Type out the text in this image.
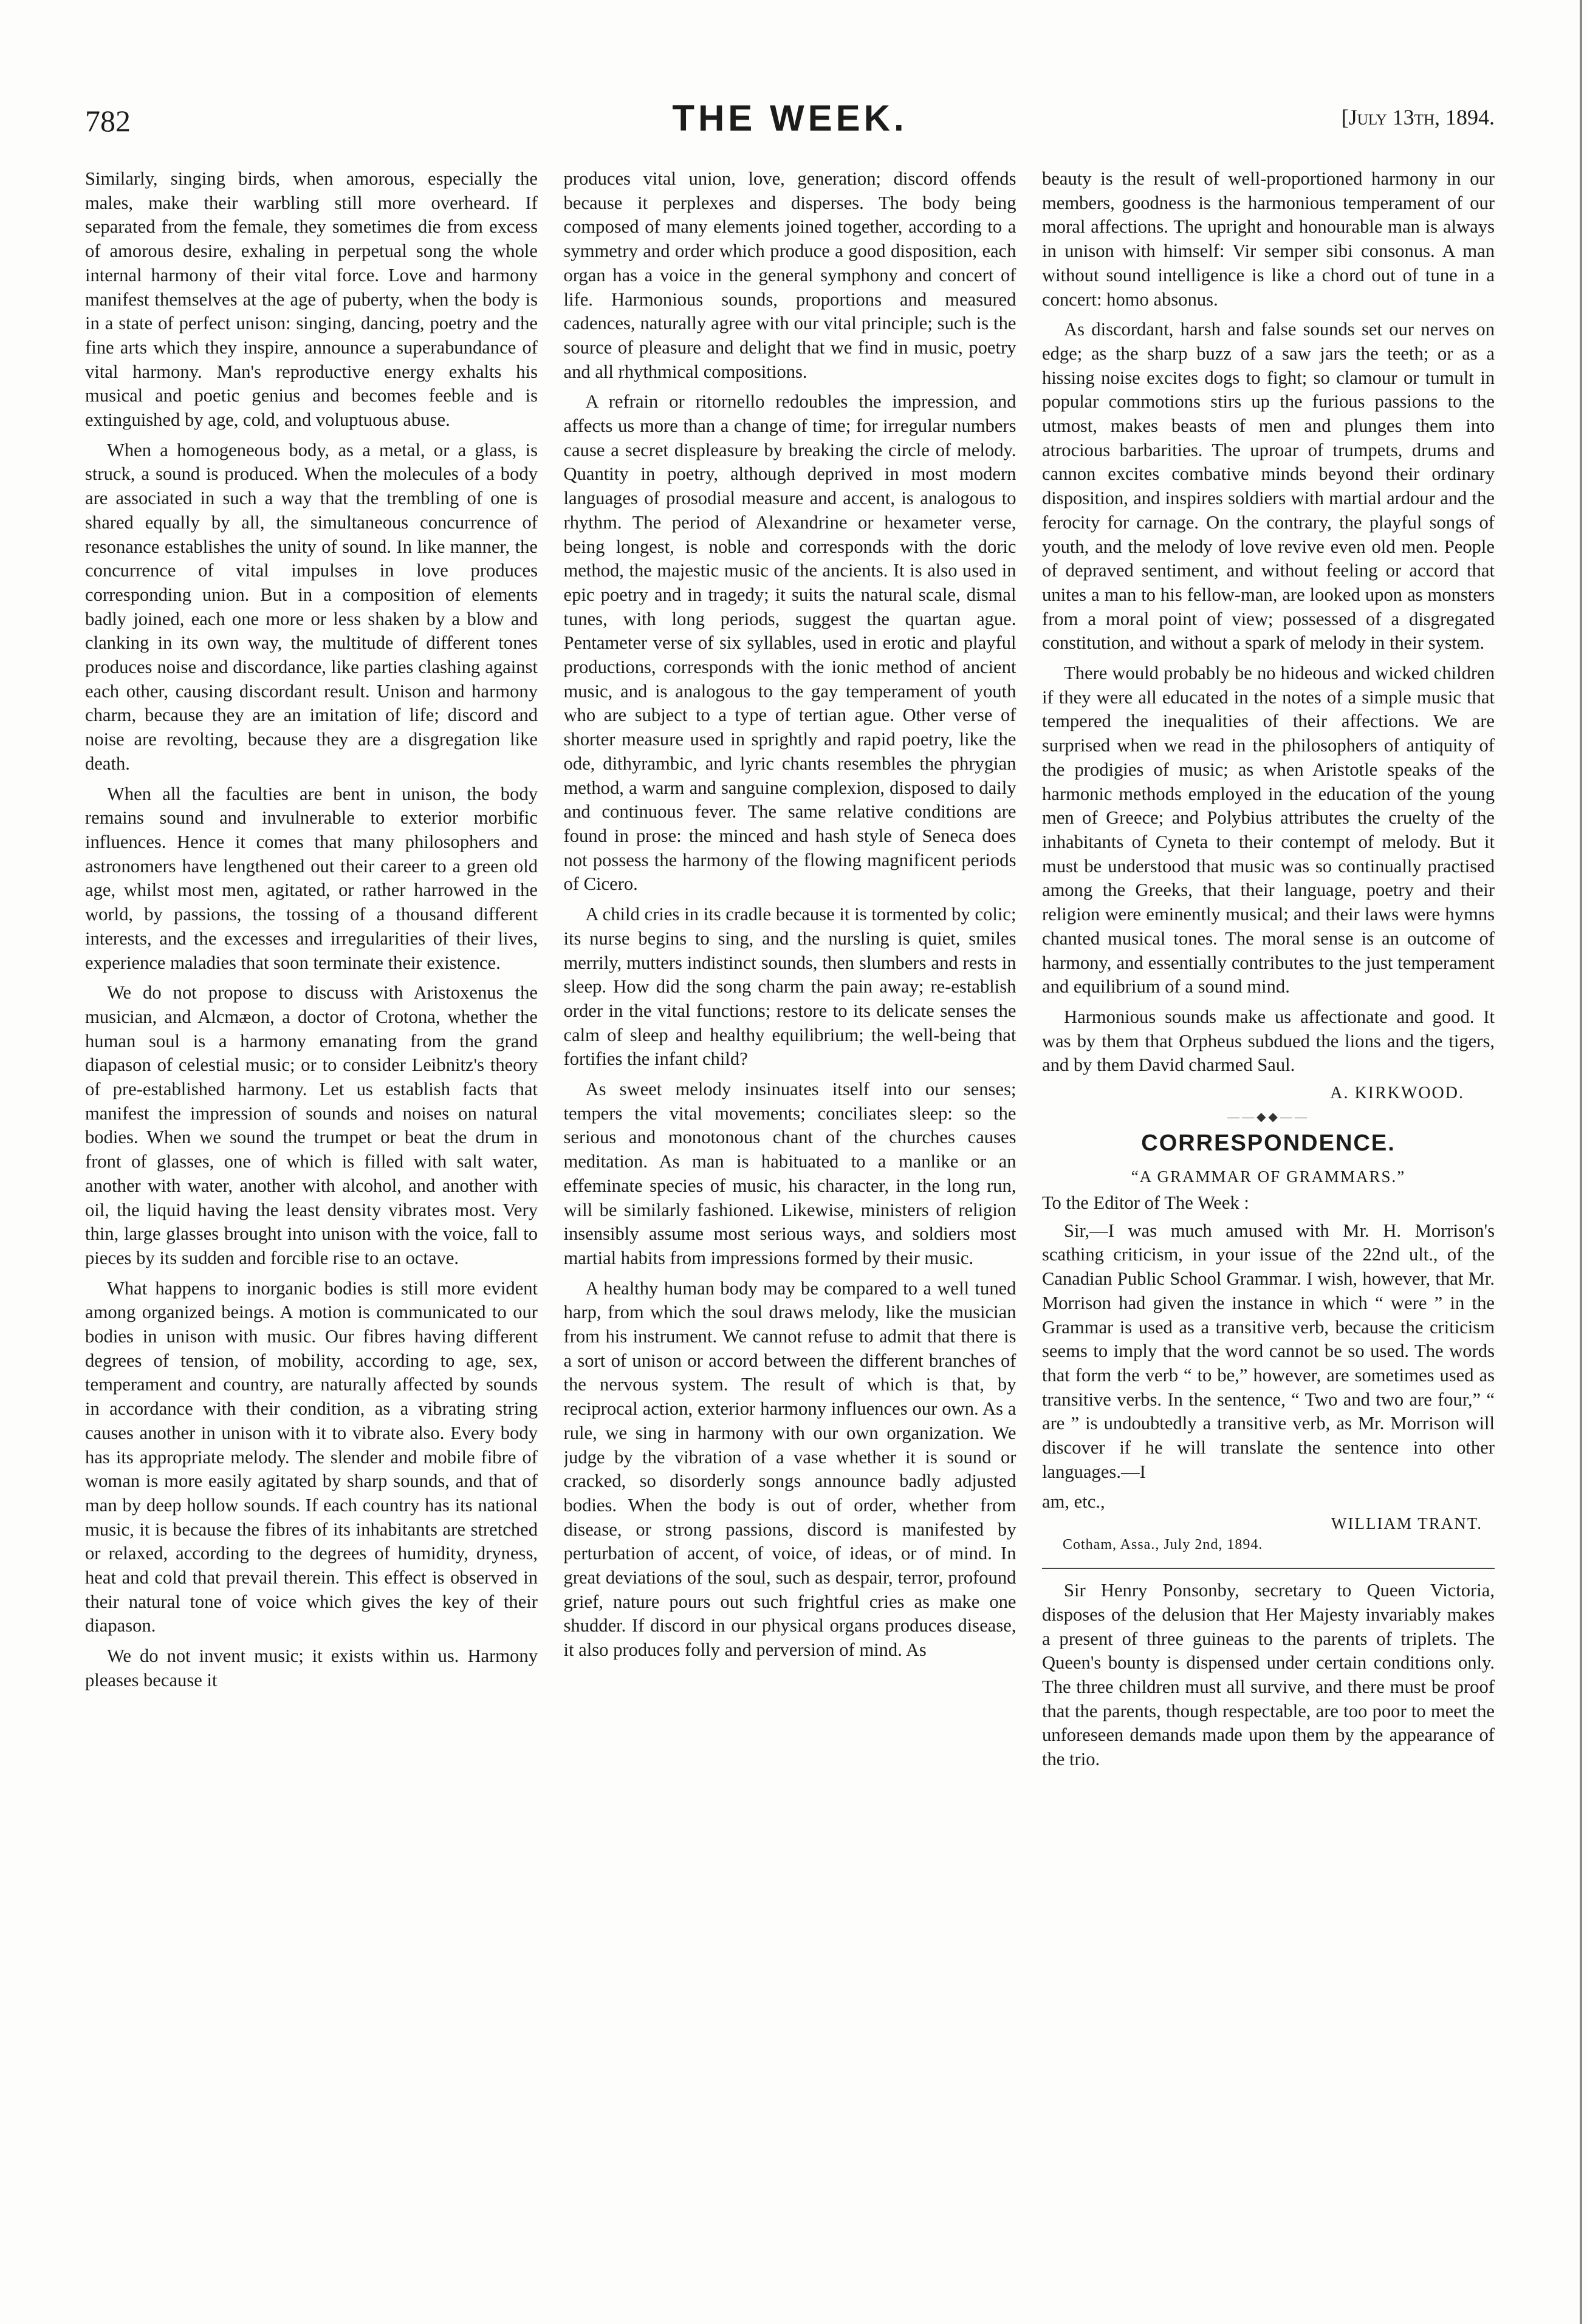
782	THE WEEK.	[July 13th, 1894.

Similarly, singing birds, when amorous, especially the males, make their warbling still more overheard. If separated from the female, they sometimes die from excess of amorous desire, exhaling in perpetual song the whole internal harmony of their vital force. Love and harmony manifest themselves at the age of puberty, when the body is in a state of perfect unison: singing, dancing, poetry and the fine arts which they inspire, announce a superabundance of vital harmony. Man's reproductive energy exhalts his musical and poetic genius and becomes feeble and is extinguished by age, cold, and voluptuous abuse.

When a homogeneous body, as a metal, or a glass, is struck, a sound is produced. When the molecules of a body are associated in such a way that the trembling of one is shared equally by all, the simultaneous concurrence of resonance establishes the unity of sound. In like manner, the concurrence of vital impulses in love produces corresponding union. But in a composition of elements badly joined, each one more or less shaken by a blow and clanking in its own way, the multitude of different tones produces noise and discordance, like parties clashing against each other, causing discordant result. Unison and harmony charm, because they are an imitation of life; discord and noise are revolting, because they are a disgregation like death.

When all the faculties are bent in unison, the body remains sound and invulnerable to exterior morbific influences. Hence it comes that many philosophers and astronomers have lengthened out their career to a green old age, whilst most men, agitated, or rather harrowed in the world, by passions, the tossing of a thousand different interests, and the excesses and irregularities of their lives, experience maladies that soon terminate their existence.

We do not propose to discuss with Aristoxenus the musician, and Alcmæon, a doctor of Crotona, whether the human soul is a harmony emanating from the grand diapason of celestial music; or to consider Leibnitz's theory of pre-established harmony. Let us establish facts that manifest the impression of sounds and noises on natural bodies. When we sound the trumpet or beat the drum in front of glasses, one of which is filled with salt water, another with water, another with alcohol, and another with oil, the liquid having the least density vibrates most. Very thin, large glasses brought into unison with the voice, fall to pieces by its sudden and forcible rise to an octave.

What happens to inorganic bodies is still more evident among organized beings. A motion is communicated to our bodies in unison with music. Our fibres having different degrees of tension, of mobility, according to age, sex, temperament and country, are naturally affected by sounds in accordance with their condition, as a vibrating string causes another in unison with it to vibrate also. Every body has its appropriate melody. The slender and mobile fibre of woman is more easily agitated by sharp sounds, and that of man by deep hollow sounds. If each country has its national music, it is because the fibres of its inhabitants are stretched or relaxed, according to the degrees of humidity, dryness, heat and cold that prevail therein. This effect is observed in their natural tone of voice which gives the key of their diapason.

We do not invent music; it exists within us. Harmony pleases because it

produces vital union, love, generation; discord offends because it perplexes and disperses. The body being composed of many elements joined together, according to a symmetry and order which produce a good disposition, each organ has a voice in the general symphony and concert of life. Harmonious sounds, proportions and measured cadences, naturally agree with our vital principle; such is the source of pleasure and delight that we find in music, poetry and all rhythmical compositions.

A refrain or ritornello redoubles the impression, and affects us more than a change of time; for irregular numbers cause a secret displeasure by breaking the circle of melody. Quantity in poetry, although deprived in most modern languages of prosodial measure and accent, is analogous to rhythm. The period of Alexandrine or hexameter verse, being longest, is noble and corresponds with the doric method, the majestic music of the ancients. It is also used in epic poetry and in tragedy; it suits the natural scale, dismal tunes, with long periods, suggest the quartan ague. Pentameter verse of six syllables, used in erotic and playful productions, corresponds with the ionic method of ancient music, and is analogous to the gay temperament of youth who are subject to a type of tertian ague. Other verse of shorter measure used in sprightly and rapid poetry, like the ode, dithyrambic, and lyric chants resembles the phrygian method, a warm and sanguine complexion, disposed to daily and continuous fever. The same relative conditions are found in prose: the minced and hash style of Seneca does not possess the harmony of the flowing magnificent periods of Cicero.

A child cries in its cradle because it is tormented by colic; its nurse begins to sing, and the nursling is quiet, smiles merrily, mutters indistinct sounds, then slumbers and rests in sleep. How did the song charm the pain away; re-establish order in the vital functions; restore to its delicate senses the calm of sleep and healthy equilibrium; the well-being that fortifies the infant child?

As sweet melody insinuates itself into our senses; tempers the vital movements; conciliates sleep: so the serious and monotonous chant of the churches causes meditation. As man is habituated to a manlike or an effeminate species of music, his character, in the long run, will be similarly fashioned. Likewise, ministers of religion insensibly assume most serious ways, and soldiers most martial habits from impressions formed by their music.

A healthy human body may be compared to a well tuned harp, from which the soul draws melody, like the musician from his instrument. We cannot refuse to admit that there is a sort of unison or accord between the different branches of the nervous system. The result of which is that, by reciprocal action, exterior harmony influences our own. As a rule, we sing in harmony with our own organization. We judge by the vibration of a vase whether it is sound or cracked, so disorderly songs announce badly adjusted bodies. When the body is out of order, whether from disease, or strong passions, discord is manifested by perturbation of accent, of voice, of ideas, or of mind. In great deviations of the soul, such as despair, terror, profound grief, nature pours out such frightful cries as make one shudder. If discord in our physical organs produces disease, it also produces folly and perversion of mind. As

beauty is the result of well-proportioned harmony in our members, goodness is the harmonious temperament of our moral affections. The upright and honourable man is always in unison with himself: Vir semper sibi consonus. A man without sound intelligence is like a chord out of tune in a concert: homo absonus.

As discordant, harsh and false sounds set our nerves on edge; as the sharp buzz of a saw jars the teeth; or as a hissing noise excites dogs to fight; so clamour or tumult in popular commotions stirs up the furious passions to the utmost, makes beasts of men and plunges them into atrocious barbarities. The uproar of trumpets, drums and cannon excites combative minds beyond their ordinary disposition, and inspires soldiers with martial ardour and the ferocity for carnage. On the contrary, the playful songs of youth, and the melody of love revive even old men. People of depraved sentiment, and without feeling or accord that unites a man to his fellow-man, are looked upon as monsters from a moral point of view; possessed of a disgregated constitution, and without a spark of melody in their system.

There would probably be no hideous and wicked children if they were all educated in the notes of a simple music that tempered the inequalities of their affections. We are surprised when we read in the philosophers of antiquity of the prodigies of music; as when Aristotle speaks of the harmonic methods employed in the education of the young men of Greece; and Polybius attributes the cruelty of the inhabitants of Cyneta to their contempt of melody. But it must be understood that music was so continually practised among the Greeks, that their language, poetry and their religion were eminently musical; and their laws were hymns chanted musical tones. The moral sense is an outcome of harmony, and essentially contributes to the just temperament and equilibrium of a sound mind.

Harmonious sounds make us affectionate and good. It was by them that Orpheus subdued the lions and the tigers, and by them David charmed Saul.

A. KIRKWOOD.
——◆◆——
CORRESPONDENCE.
“A GRAMMAR OF GRAMMARS.”
To the Editor of The Week :

Sir,—I was much amused with Mr. H. Morrison's scathing criticism, in your issue of the 22nd ult., of the Canadian Public School Grammar. I wish, however, that Mr. Morrison had given the instance in which “ were ” in the Grammar is used as a transitive verb, because the criticism seems to imply that the word cannot be so used. The words that form the verb “ to be,” however, are sometimes used as transitive verbs. In the sentence, “ Two and two are four,” “ are ” is undoubtedly a transitive verb, as Mr. Morrison will discover if he will translate the sentence into other languages.—I

am, etc.,
WILLIAM TRANT.
Cotham, Assa., July 2nd, 1894.

Sir Henry Ponsonby, secretary to Queen Victoria, disposes of the delusion that Her Majesty invariably makes a present of three guineas to the parents of triplets. The Queen's bounty is dispensed under certain conditions only. The three children must all survive, and there must be proof that the parents, though respectable, are too poor to meet the unforeseen demands made upon them by the appearance of the trio.
